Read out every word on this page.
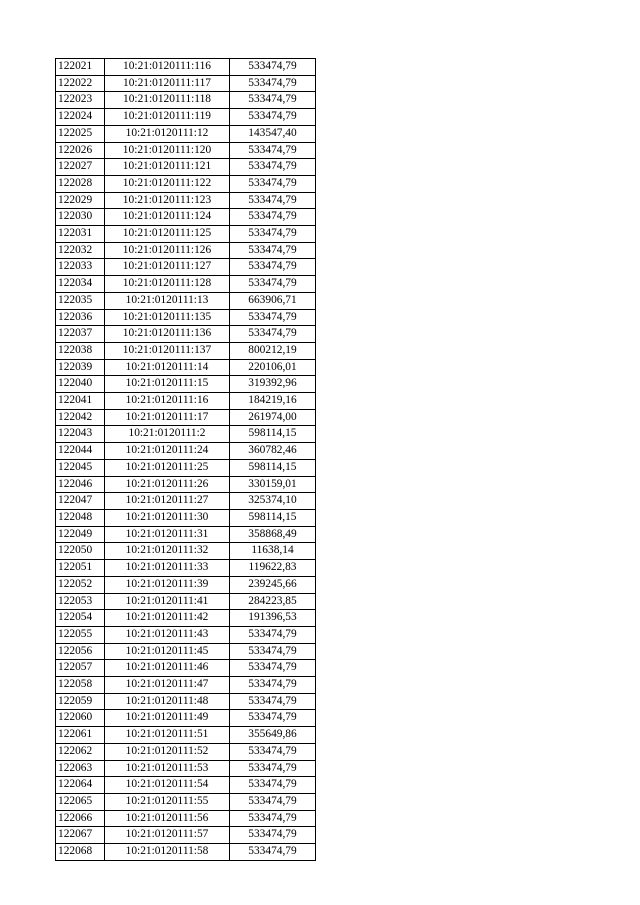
122021	10:21:0120111:116	533474,79
122022	10:21:0120111:117	533474,79
122023	10:21:0120111:118	533474,79
122024	10:21:0120111:119	533474,79
122025	10:21:0120111:12	143547,40
122026	10:21:0120111:120	533474,79
122027	10:21:0120111:121	533474,79
122028	10:21:0120111:122	533474,79
122029	10:21:0120111:123	533474,79
122030	10:21:0120111:124	533474,79
122031	10:21:0120111:125	533474,79
122032	10:21:0120111:126	533474,79
122033	10:21:0120111:127	533474,79
122034	10:21:0120111:128	533474,79
122035	10:21:0120111:13	663906,71
122036	10:21:0120111:135	533474,79
122037	10:21:0120111:136	533474,79
122038	10:21:0120111:137	800212,19
122039	10:21:0120111:14	220106,01
122040	10:21:0120111:15	319392,96
122041	10:21:0120111:16	184219,16
122042	10:21:0120111:17	261974,00
122043	10:21:0120111:2	598114,15
122044	10:21:0120111:24	360782,46
122045	10:21:0120111:25	598114,15
122046	10:21:0120111:26	330159,01
122047	10:21:0120111:27	325374,10
122048	10:21:0120111:30	598114,15
122049	10:21:0120111:31	358868,49
122050	10:21:0120111:32	11638,14
122051	10:21:0120111:33	119622,83
122052	10:21:0120111:39	239245,66
122053	10:21:0120111:41	284223,85
122054	10:21:0120111:42	191396,53
122055	10:21:0120111:43	533474,79
122056	10:21:0120111:45	533474,79
122057	10:21:0120111:46	533474,79
122058	10:21:0120111:47	533474,79
122059	10:21:0120111:48	533474,79
122060	10:21:0120111:49	533474,79
122061	10:21:0120111:51	355649,86
122062	10:21:0120111:52	533474,79
122063	10:21:0120111:53	533474,79
122064	10:21:0120111:54	533474,79
122065	10:21:0120111:55	533474,79
122066	10:21:0120111:56	533474,79
122067	10:21:0120111:57	533474,79
122068	10:21:0120111:58	533474,79
